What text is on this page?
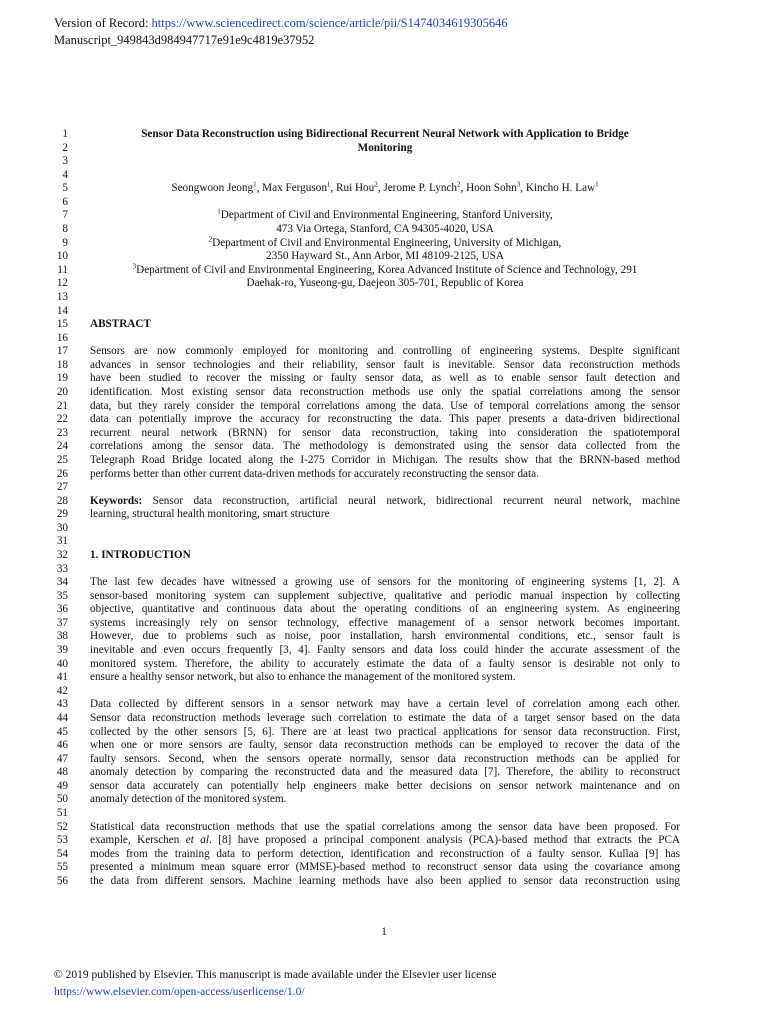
Version of Record: https://www.sciencedirect.com/science/article/pii/S1474034619305646
Manuscript_949843d984947717e91e9c4819e37952
1	Sensor Data Reconstruction using Bidirectional Recurrent Neural Network with Application to Bridge
2	Monitoring
3
4
5	Seongwoon Jeong$^1$, Max Ferguson$^1$, Rui Hou$^2$, Jerome P. Lynch$^2$, Hoon Sohn$^3$, Kincho H. Law$^1$
6
7	$^1$Department of Civil and Environmental Engineering, Stanford University,
8	473 Via Ortega, Stanford, CA 94305-4020, USA
9	$^2$Department of Civil and Environmental Engineering, University of Michigan,
10	2350 Hayward St., Ann Arbor, MI 48109-2125, USA
11	$^3$Department of Civil and Environmental Engineering, Korea Advanced Institute of Science and Technology, 291
12	Daehak-ro, Yuseong-gu, Daejeon 305-701, Republic of Korea
13
14
15 ABSTRACT
16
17 Sensors are now commonly employed for monitoring and controlling of engineering systems. Despite significant
18 advances in sensor technologies and their reliability, sensor fault is inevitable. Sensor data reconstruction methods
19 have been studied to recover the missing or faulty sensor data, as well as to enable sensor fault detection and
20 identification. Most existing sensor data reconstruction methods use only the spatial correlations among the sensor
21 data, but they rarely consider the temporal correlations among the data. Use of temporal correlations among the sensor
22 data can potentially improve the accuracy for reconstructing the data. This paper presents a data-driven bidirectional
23 recurrent neural network (BRNN) for sensor data reconstruction, taking into consideration the spatiotemporal
24 correlations among the sensor data. The methodology is demonstrated using the sensor data collected from the
25 Telegraph Road Bridge located along the I-275 Corridor in Michigan. The results show that the BRNN-based method
26 performs better than other current data-driven methods for accurately reconstructing the sensor data.
27
28 Keywords: Sensor data reconstruction, artificial neural network, bidirectional recurrent neural network, machine
29 learning, structural health monitoring, smart structure
30
31
32 1. INTRODUCTION
33
34 The last few decades have witnessed a growing use of sensors for the monitoring of engineering systems [1, 2]. A
35 sensor-based monitoring system can supplement subjective, qualitative and periodic manual inspection by collecting
36 objective, quantitative and continuous data about the operating conditions of an engineering system. As engineering
37 systems increasingly rely on sensor technology, effective management of a sensor network becomes important.
38 However, due to problems such as noise, poor installation, harsh environmental conditions, etc., sensor fault is
39 inevitable and even occurs frequently [3, 4]. Faulty sensors and data loss could hinder the accurate assessment of the
40 monitored system. Therefore, the ability to accurately estimate the data of a faulty sensor is desirable not only to
41 ensure a healthy sensor network, but also to enhance the management of the monitored system.
42
43 Data collected by different sensors in a sensor network may have a certain level of correlation among each other.
44 Sensor data reconstruction methods leverage such correlation to estimate the data of a target sensor based on the data
45 collected by the other sensors [5, 6]. There are at least two practical applications for sensor data reconstruction. First,
46 when one or more sensors are faulty, sensor data reconstruction methods can be employed to recover the data of the
47 faulty sensors. Second, when the sensors operate normally, sensor data reconstruction methods can be applied for
48 anomaly detection by comparing the reconstructed data and the measured data [7]. Therefore, the ability to reconstruct
49 sensor data accurately can potentially help engineers make better decisions on sensor network maintenance and on
50 anomaly detection of the monitored system.
51
52 Statistical data reconstruction methods that use the spatial correlations among the sensor data have been proposed. For
53 example, Kerschen et al. [8] have proposed a principal component analysis (PCA)-based method that extracts the PCA
54 modes from the training data to perform detection, identification and reconstruction of a faulty sensor. Kullaa [9] has
55 presented a minimum mean square error (MMSE)-based method to reconstruct sensor data using the covariance among
56 the data from different sensors. Machine learning methods have also been applied to sensor data reconstruction using
1
© 2019 published by Elsevier. This manuscript is made available under the Elsevier user license
https://www.elsevier.com/open-access/userlicense/1.0/
